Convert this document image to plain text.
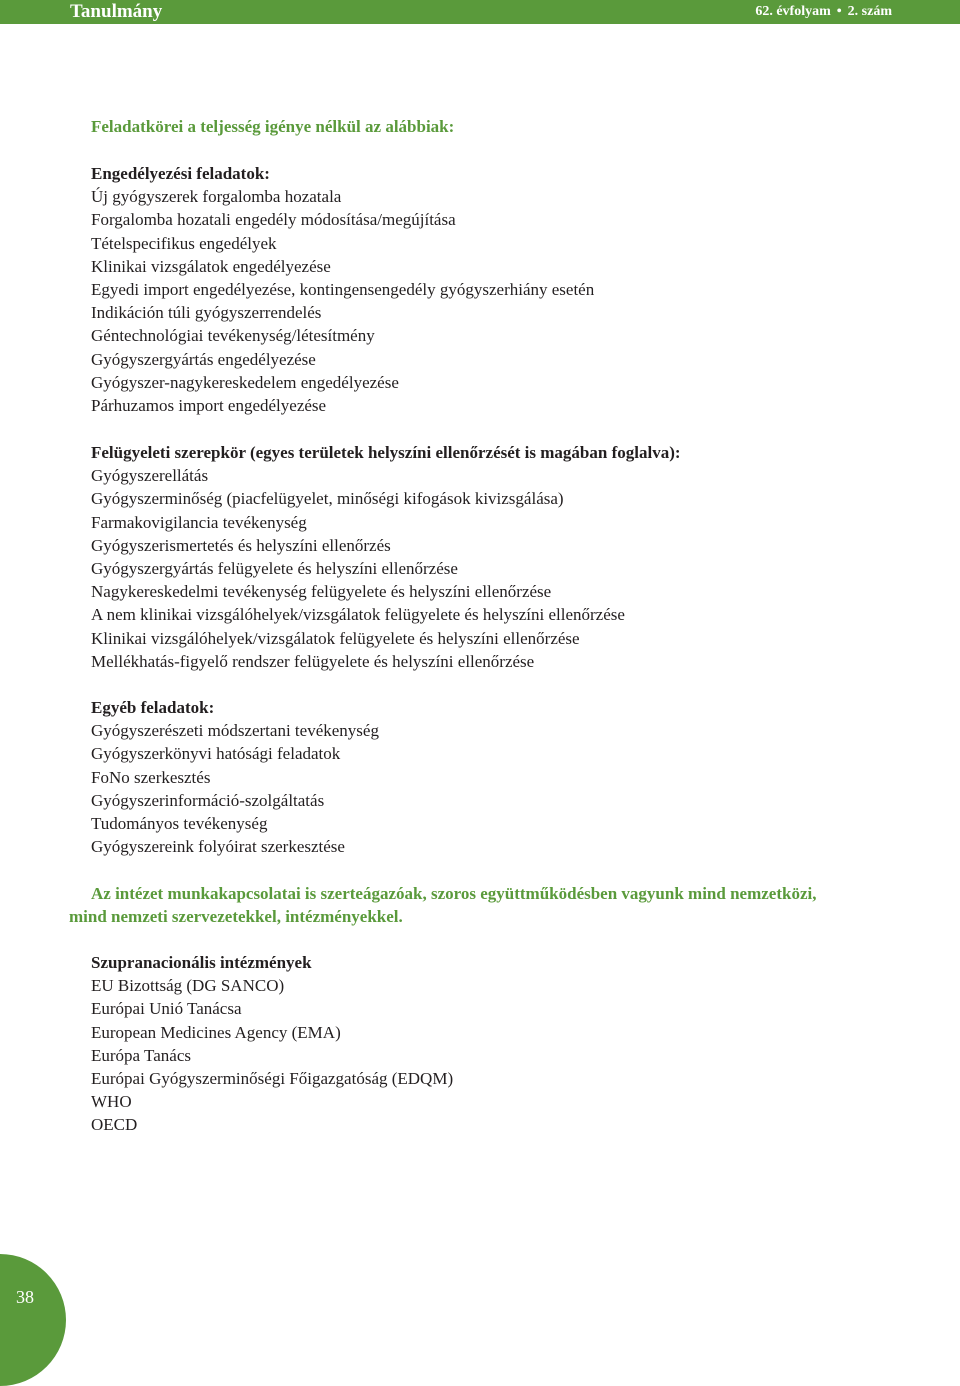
Tanulmány	62. évfolyam • 2. szám
Feladatkörei a teljesség igénye nélkül az alábbiak:
Engedélyezési feladatok:
Új gyógyszerek forgalomba hozatala
Forgalomba hozatali engedély módosítása/megújítása
Tételspecifikus engedélyek
Klinikai vizsgálatok engedélyezése
Egyedi import engedélyezése, kontingensengedély gyógyszerhiány esetén
Indikáción túli gyógyszerrendelés
Géntechnológiai tevékenység/létesítmény
Gyógyszergyártás engedélyezése
Gyógyszer-nagykereskedelem engedélyezése
Párhuzamos import engedélyezése
Felügyeleti szerepkör (egyes területek helyszíni ellenőrzését is magában foglalva):
Gyógyszerellátás
Gyógyszerminőség (piacfelügyelet, minőségi kifogások kivizsgálása)
Farmakovigilancia tevékenység
Gyógyszerismertetés és helyszíni ellenőrzés
Gyógyszergyártás felügyelete és helyszíni ellenőrzése
Nagykereskedelmi tevékenység felügyelete és helyszíni ellenőrzése
A nem klinikai vizsgálóhelyek/vizsgálatok felügyelete és helyszíni ellenőrzése
Klinikai vizsgálóhelyek/vizsgálatok felügyelete és helyszíni ellenőrzése
Mellékhatás-figyelő rendszer felügyelete és helyszíni ellenőrzése
Egyéb feladatok:
Gyógyszerészeti módszertani tevékenység
Gyógyszerkönyvi hatósági feladatok
FoNo szerkesztés
Gyógyszerinformáció-szolgáltatás
Tudományos tevékenység
Gyógyszereink folyóirat szerkesztése
Az intézet munkakapcsolatai is szerteágazóak, szoros együttműködésben vagyunk mind nemzetközi,
mind nemzeti szervezetekkel, intézményekkel.
Szupranacionális intézmények
EU Bizottság (DG SANCO)
Európai Unió Tanácsa
European Medicines Agency (EMA)
Európa Tanács
Európai Gyógyszerminőségi Főigazgatóság (EDQM)
WHO
OECD
38
